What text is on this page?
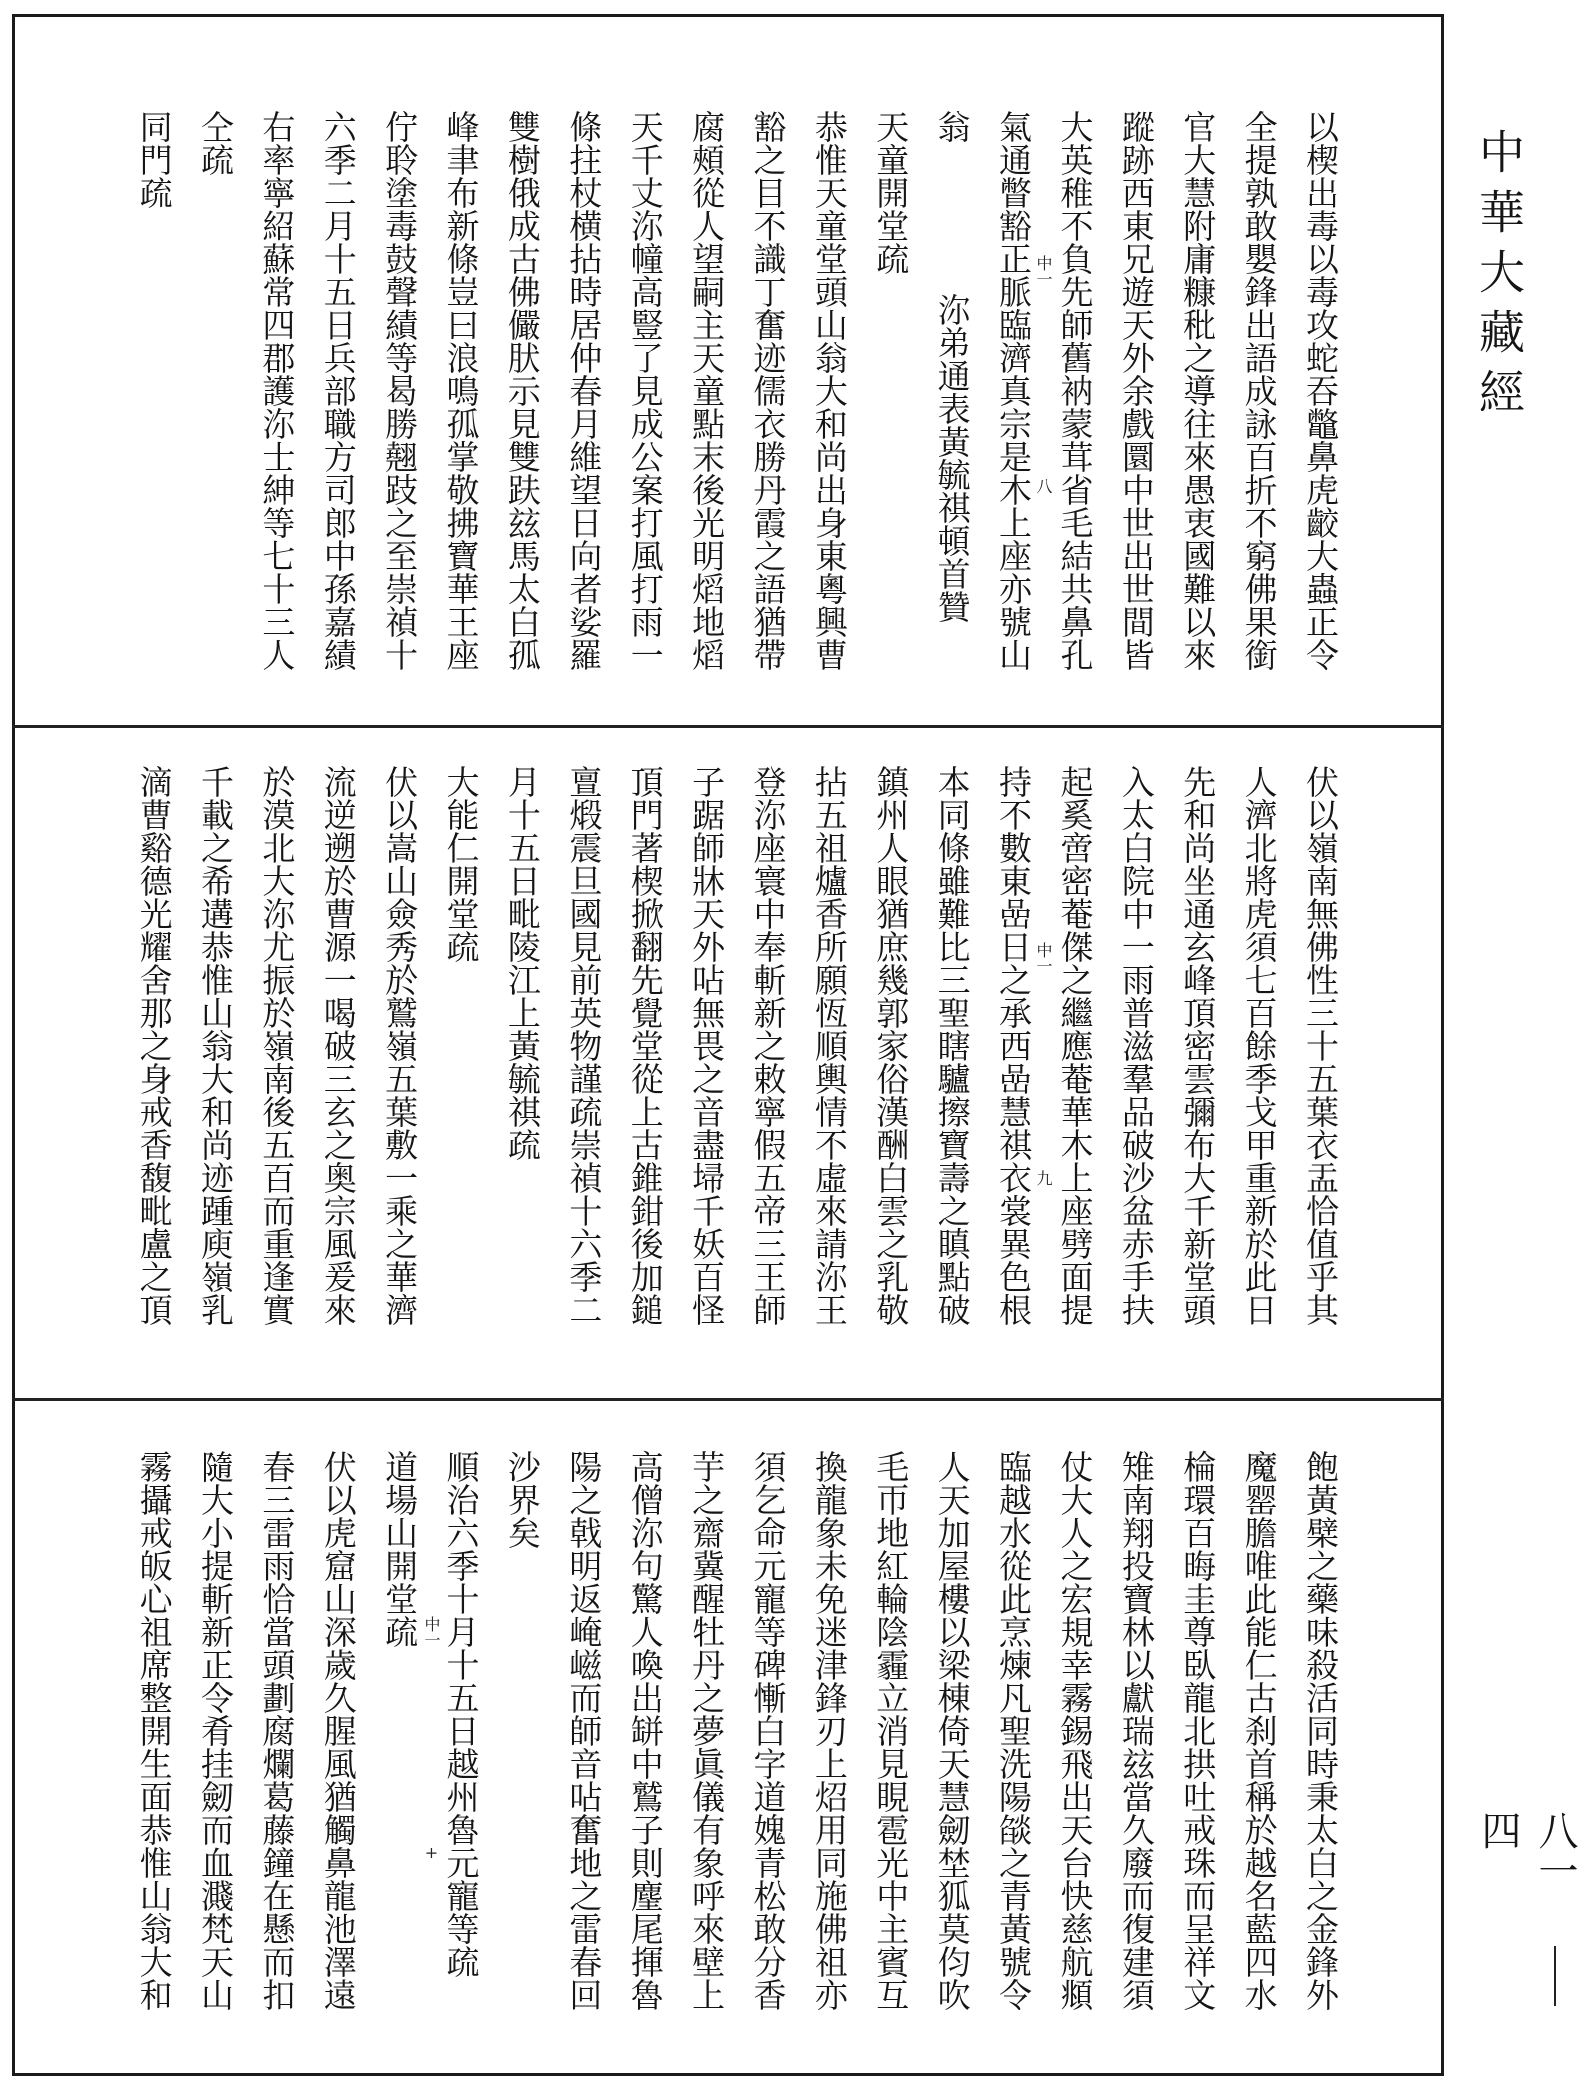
中華大藏經
八一  四
以楔出毒以毒攻蛇吞鼈鼻虎齩大蟲正令
全提孰敢嬰鋒出語成詠百折不窮佛果銜
官大慧附庸糠秕之導往來愚衷國難以來
蹤跡西東兄遊天外余戲圜中世出世間皆
大英稚不負先師舊衲蒙茸省毛結共鼻孔
氣通瞥豁正脈臨濟真宗是木上座亦號山
翁沵弟通表黃毓祺頓首贊
天童開堂疏
恭惟天童堂頭山翁大和尚出身東粵興曹
豁之目不識丁奮迹儒衣勝丹霞之語猶帶
腐頰從人望嗣主天童點末後光明熖地熖
天千丈沵幢高豎了見成公案打風打雨一
條拄杖横拈時居仲春月維望日向者娑羅
雙樹俄成古佛儼肰示見雙趺玆馬太白孤
峰聿布新條豈曰浪鳴孤掌敬拂寶華王座
佇聆塗毒鼓聲績等曷勝翹跂之至崇禎十
六季二月十五日兵部職方司郎中孫嘉績
右率寧紹蘇常四郡護沵士紳等七十三人
仝疏
同門疏
伏以嶺南無佛性三十五葉衣盂恰值乎其
人濟北將虎須七百餘季戈甲重新於此日
先和尚坐通玄峰頂密雲彌布大千新堂頭
入太白院中一雨普滋羣品破沙盆赤手扶
起奚啻密菴傑之繼應菴華木上座劈面提
持不數東嵒日之承西嵒慧祺衣裳異色根
本同條雖難比三聖瞎驢擦寶壽之瞋點破
鎮州人眼猶庶幾郭家俗漢酬白雲之乳敬
拈五祖爐香所願恆順輿情不虛來請沵王
登沵座寰中奉斬新之敕寧假五帝三王師
子踞師牀天外呫無畏之音盡埽千妖百怪
頂門著楔掀翻先覺堂從上古錐鉗後加鎚
亶煅震旦國見前英物謹疏崇禎十六季二
月十五日毗陵江上黃毓祺疏
大能仁開堂疏
伏以嵩山僉秀於鷲嶺五葉敷一乘之華濟
流逆遡於曹源一喝破三玄之奥宗風爰來
於漠北大沵尤振於嶺南後五百而重逢實
千載之希遘恭惟山翁大和尚迹踵庾嶺乳
滴曹谿德光耀舍那之身戒香馥毗盧之頂
飽黃檗之藥味殺活同時秉太白之金鋒外
魔罂膽唯此能仁古刹首稱於越名藍四水
棆環百晦圭尊臥龍北拱吐戒珠而呈祥文
雉南翔投寶林以獻瑞玆當久廢而復建須
仗大人之宏規幸霧錫飛出天台快慈航頫
臨越水從此烹煉凡聖洗陽燄之青黃號令
人天加屋樓以梁棟倚天慧劒埜狐莫伨吹
毛帀地紅輪陰霾立消見睍雹光中主賓互
換龍象未免迷津鋒刃上炤用同施佛祖亦
須乞命元寵等碑慚白字道媿青松敢分香
芋之齋冀醒牡丹之夢眞儀有象呼來壁上
高僧沵句驚人喚出缾中鷲子則麈尾揮魯
陽之戟明返崦嵫而師音呫奮地之雷春回
沙界矣
順治六季十月十五日越州魯元寵等疏
道場山開堂疏
伏以虎窟山深歲久腥風猶觸鼻龍池澤遠
春三雷雨恰當頭劃腐爛葛藤鐘在懸而扣
隨大小提斬新正令肴挂劒而血濺梵天山
霧攝戒皈心祖席整開生面恭惟山翁大和
中一
八
中一
九
中一
+
